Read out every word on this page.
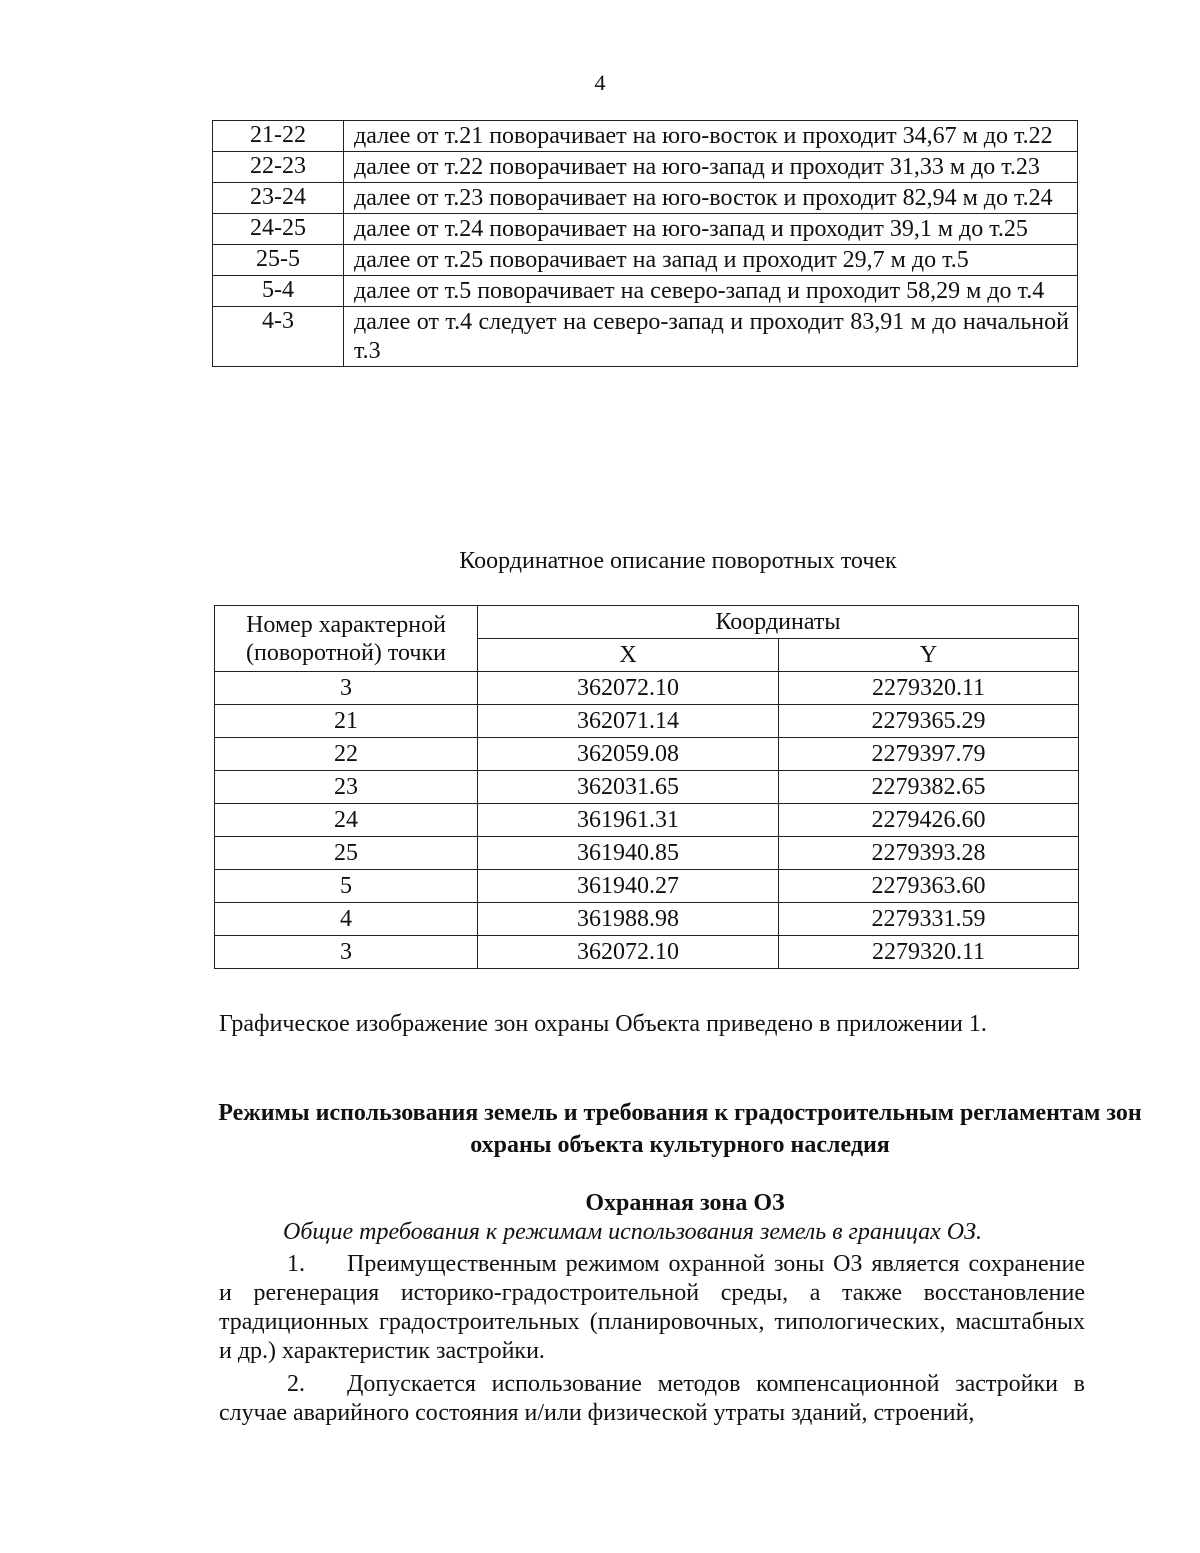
4
21-22	далее от т.21 поворачивает на юго-восток и проходит 34,67 м до т.22
22-23	далее от т.22 поворачивает на юго-запад и проходит 31,33 м до т.23
23-24	далее от т.23 поворачивает на юго-восток и проходит 82,94 м до т.24
24-25	далее от т.24 поворачивает на юго-запад и проходит 39,1 м до т.25
25-5	далее от т.25 поворачивает на запад и проходит 29,7 м до т.5
5-4	далее от т.5 поворачивает на северо-запад и проходит 58,29 м до т.4
4-3	далее от т.4 следует на северо-запад и проходит 83,91 м до начальной т.3
Координатное описание поворотных точек
Номер характерной (поворотной) точки	Координаты	
	X	Y
3	362072.10	2279320.11
21	362071.14	2279365.29
22	362059.08	2279397.79
23	362031.65	2279382.65
24	361961.31	2279426.60
25	361940.85	2279393.28
5	361940.27	2279363.60
4	361988.98	2279331.59
3	362072.10	2279320.11
Графическое изображение зон охраны Объекта приведено в приложении 1.
Режимы использования земель и требования к градостроительным регламентам зон охраны объекта культурного наследия
Охранная зона ОЗ
Общие требования к режимам использования земель в границах ОЗ.
1. Преимущественным режимом охранной зоны ОЗ является сохранение и регенерация историко-градостроительной среды, а также восстановление традиционных градостроительных (планировочных, типологических, масштабных и др.) характеристик застройки.
2. Допускается использование методов компенсационной застройки в случае аварийного состояния и/или физической утраты зданий, строений,
